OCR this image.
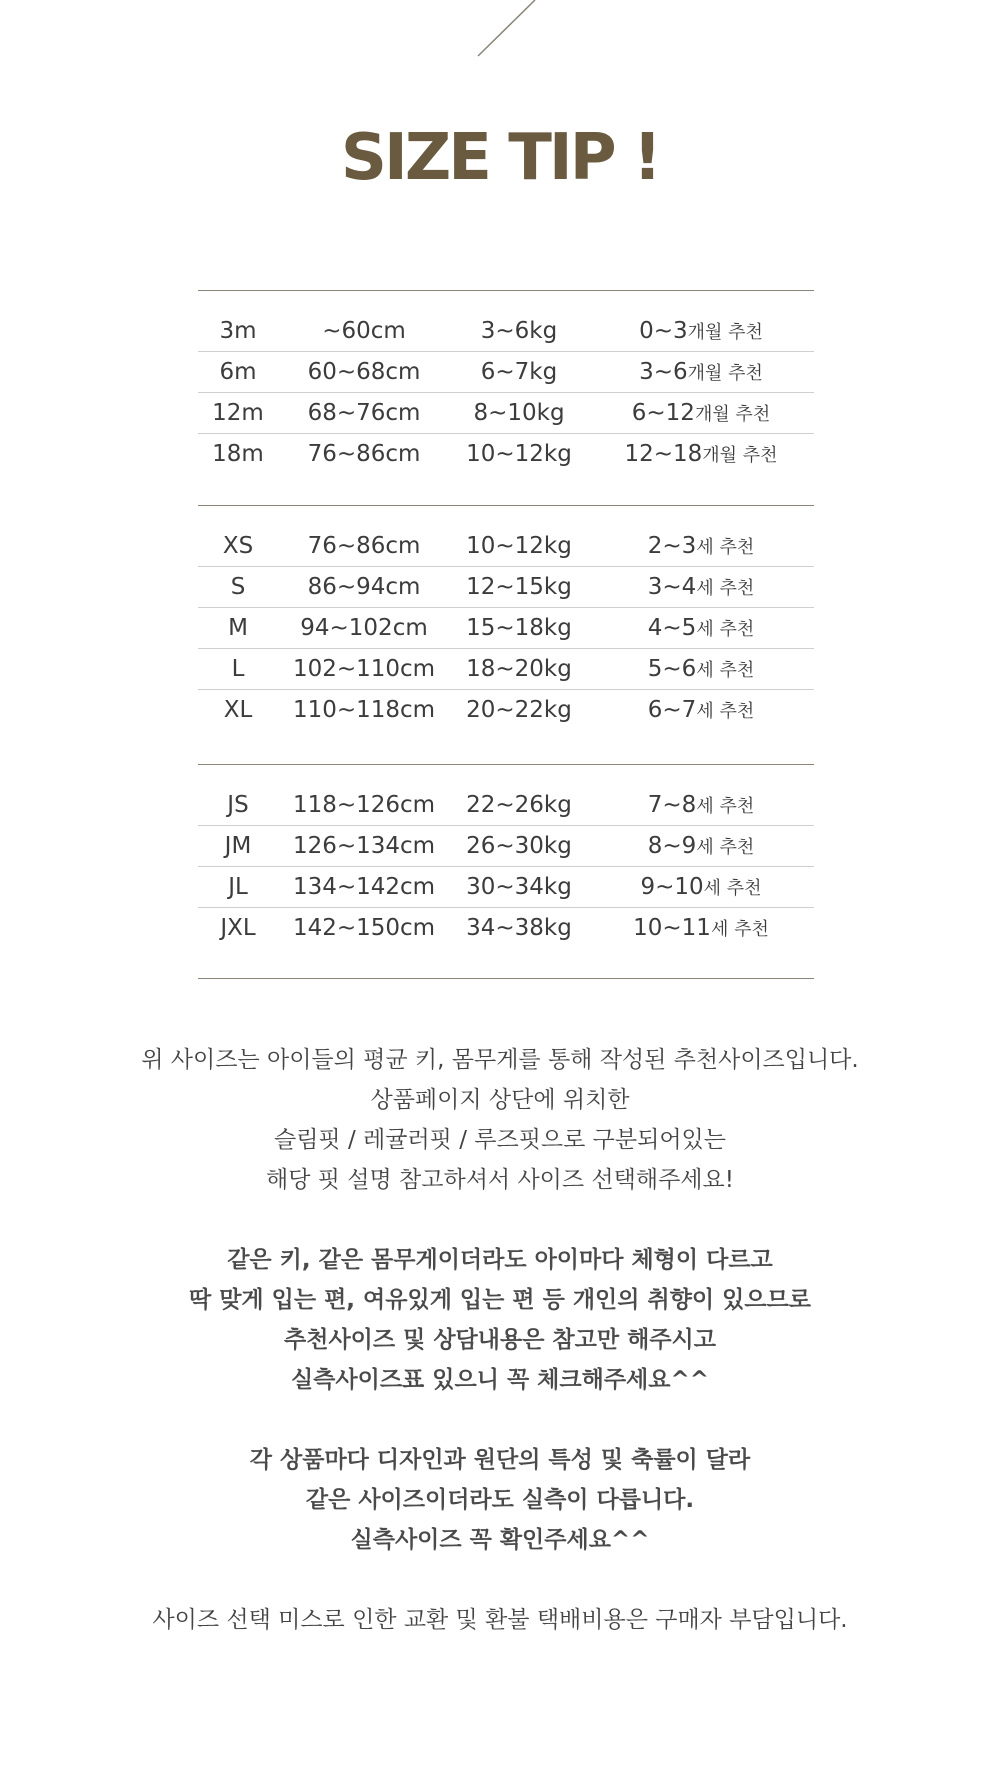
SIZE TIP !
3m	~60cm	3~6kg	0~3개월 추천
6m	60~68cm	6~7kg	3~6개월 추천
12m	68~76cm	8~10kg	6~12개월 추천
18m	76~86cm	10~12kg	12~18개월 추천
XS	76~86cm	10~12kg	2~3세 추천
S	86~94cm	12~15kg	3~4세 추천
M	94~102cm	15~18kg	4~5세 추천
L	102~110cm	18~20kg	5~6세 추천
XL	110~118cm	20~22kg	6~7세 추천
JS	118~126cm	22~26kg	7~8세 추천
JM	126~134cm	26~30kg	8~9세 추천
JL	134~142cm	30~34kg	9~10세 추천
JXL	142~150cm	34~38kg	10~11세 추천

위 사이즈는 아이들의 평균 키, 몸무게를 통해 작성된 추천사이즈입니다.
상품페이지 상단에 위치한
슬림핏 / 레귤러핏 / 루즈핏으로 구분되어있는
해당 핏 설명 참고하셔서 사이즈 선택해주세요!

같은 키, 같은 몸무게이더라도 아이마다 체형이 다르고
딱 맞게 입는 편, 여유있게 입는 편 등 개인의 취향이 있으므로
추천사이즈 및 상담내용은 참고만 해주시고
실측사이즈표 있으니 꼭 체크해주세요^^

각 상품마다 디자인과 원단의 특성 및 축률이 달라
같은 사이즈이더라도 실측이 다릅니다.
실측사이즈 꼭 확인주세요^^

사이즈 선택 미스로 인한 교환 및 환불 택배비용은 구매자 부담입니다.
